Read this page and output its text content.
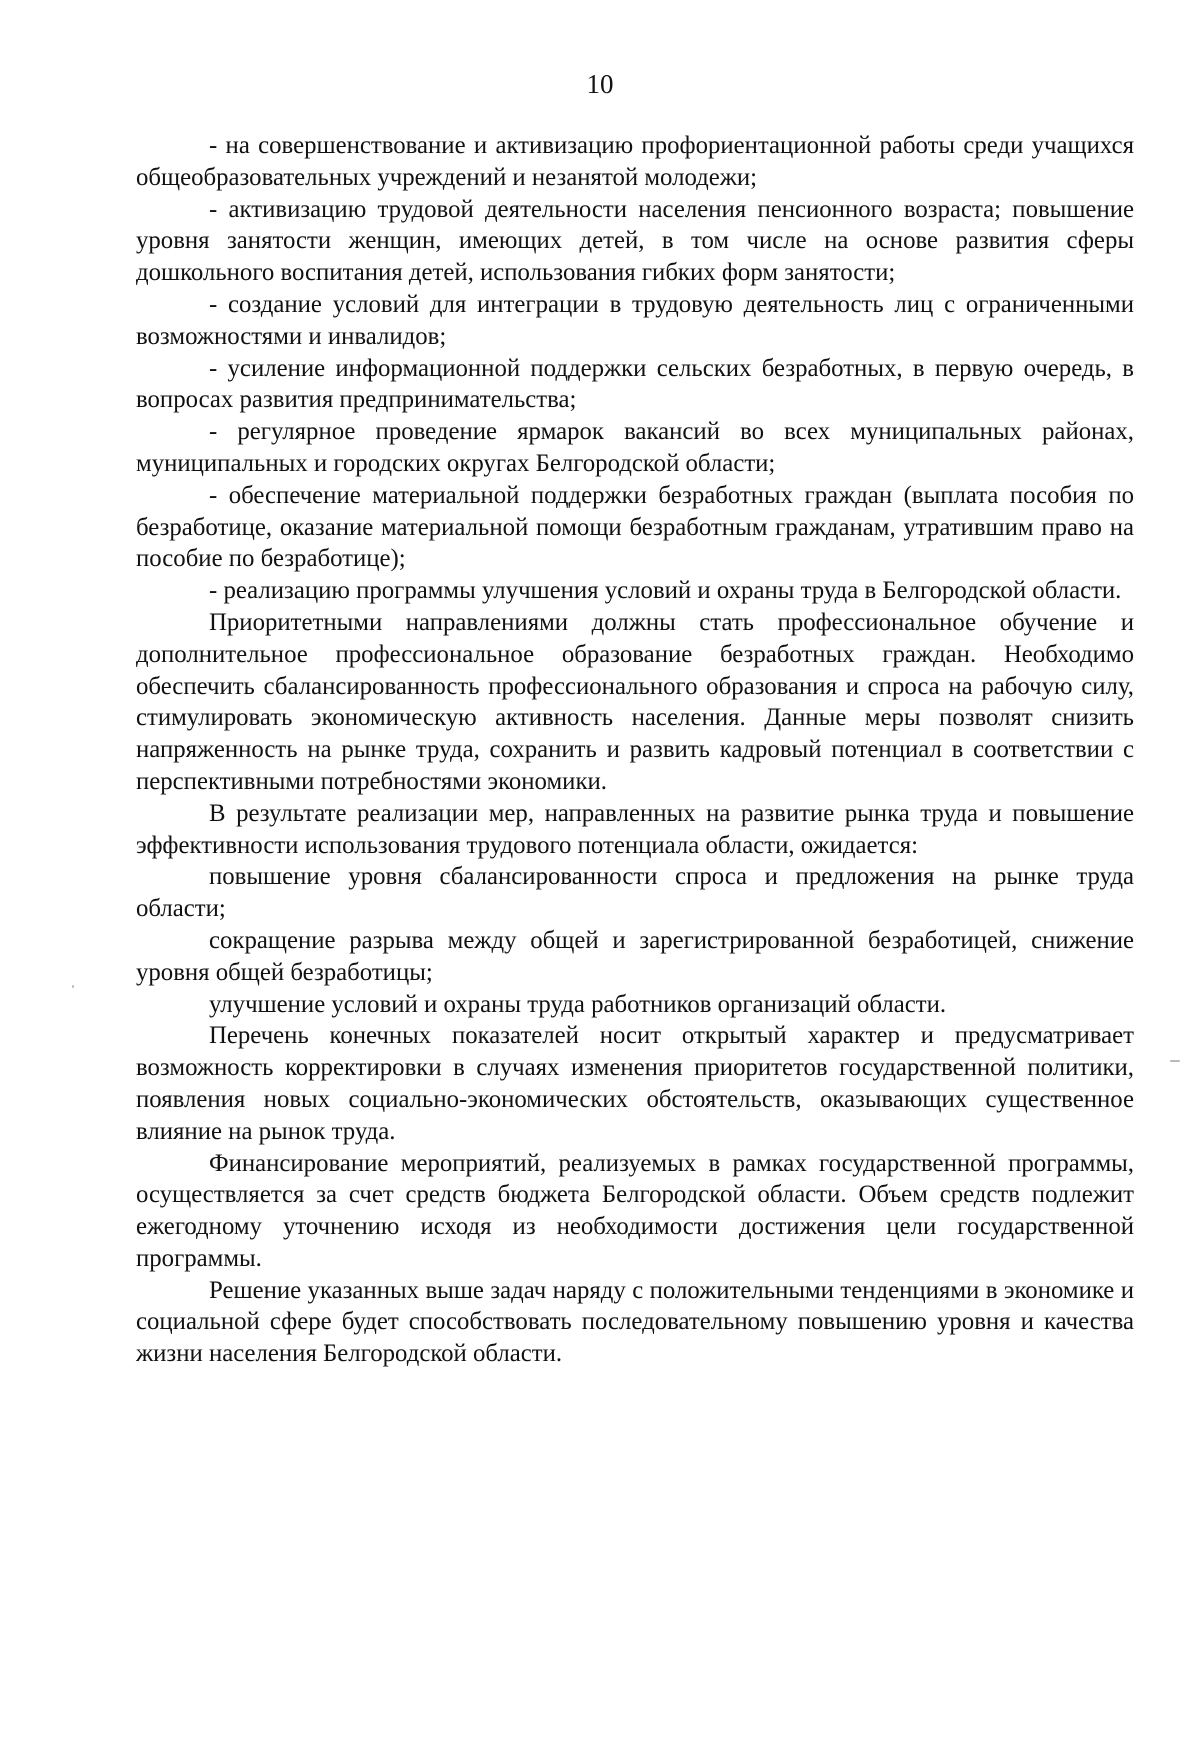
10

- на совершенствование и активизацию профориентационной работы среди учащихся общеобразовательных учреждений и незанятой молодежи;

- активизацию трудовой деятельности населения пенсионного возраста; повышение уровня занятости женщин, имеющих детей, в том числе на основе развития сферы дошкольного воспитания детей, использования гибких форм занятости;

- создание условий для интеграции в трудовую деятельность лиц с ограниченными возможностями и инвалидов;

- усиление информационной поддержки сельских безработных, в первую очередь, в вопросах развития предпринимательства;

- регулярное проведение ярмарок вакансий во всех муниципальных районах, муниципальных и городских округах Белгородской области;

- обеспечение материальной поддержки безработных граждан (выплата пособия по безработице, оказание материальной помощи безработным гражданам, утратившим право на пособие по безработице);

- реализацию программы улучшения условий и охраны труда в Белгородской области.

Приоритетными направлениями должны стать профессиональное обучение и дополнительное профессиональное образование безработных граждан. Необходимо обеспечить сбалансированность профессионального образования и спроса на рабочую силу, стимулировать экономическую активность населения. Данные меры позволят снизить напряженность на рынке труда, сохранить и развить кадровый потенциал в соответствии с перспективными потребностями экономики.

В результате реализации мер, направленных на развитие рынка труда и повышение эффективности использования трудового потенциала области, ожидается:

повышение уровня сбалансированности спроса и предложения на рынке труда области;

сокращение разрыва между общей и зарегистрированной безработицей, снижение уровня общей безработицы;

улучшение условий и охраны труда работников организаций области.

Перечень конечных показателей носит открытый характер и предусматривает возможность корректировки в случаях изменения приоритетов государственной политики, появления новых социально-экономических обстоятельств, оказывающих существенное влияние на рынок труда.

Финансирование мероприятий, реализуемых в рамках государственной программы, осуществляется за счет средств бюджета Белгородской области. Объем средств подлежит ежегодному уточнению исходя из необходимости достижения цели государственной программы.

Решение указанных выше задач наряду с положительными тенденциями в экономике и социальной сфере будет способствовать последовательному повышению уровня и качества жизни населения Белгородской области.
